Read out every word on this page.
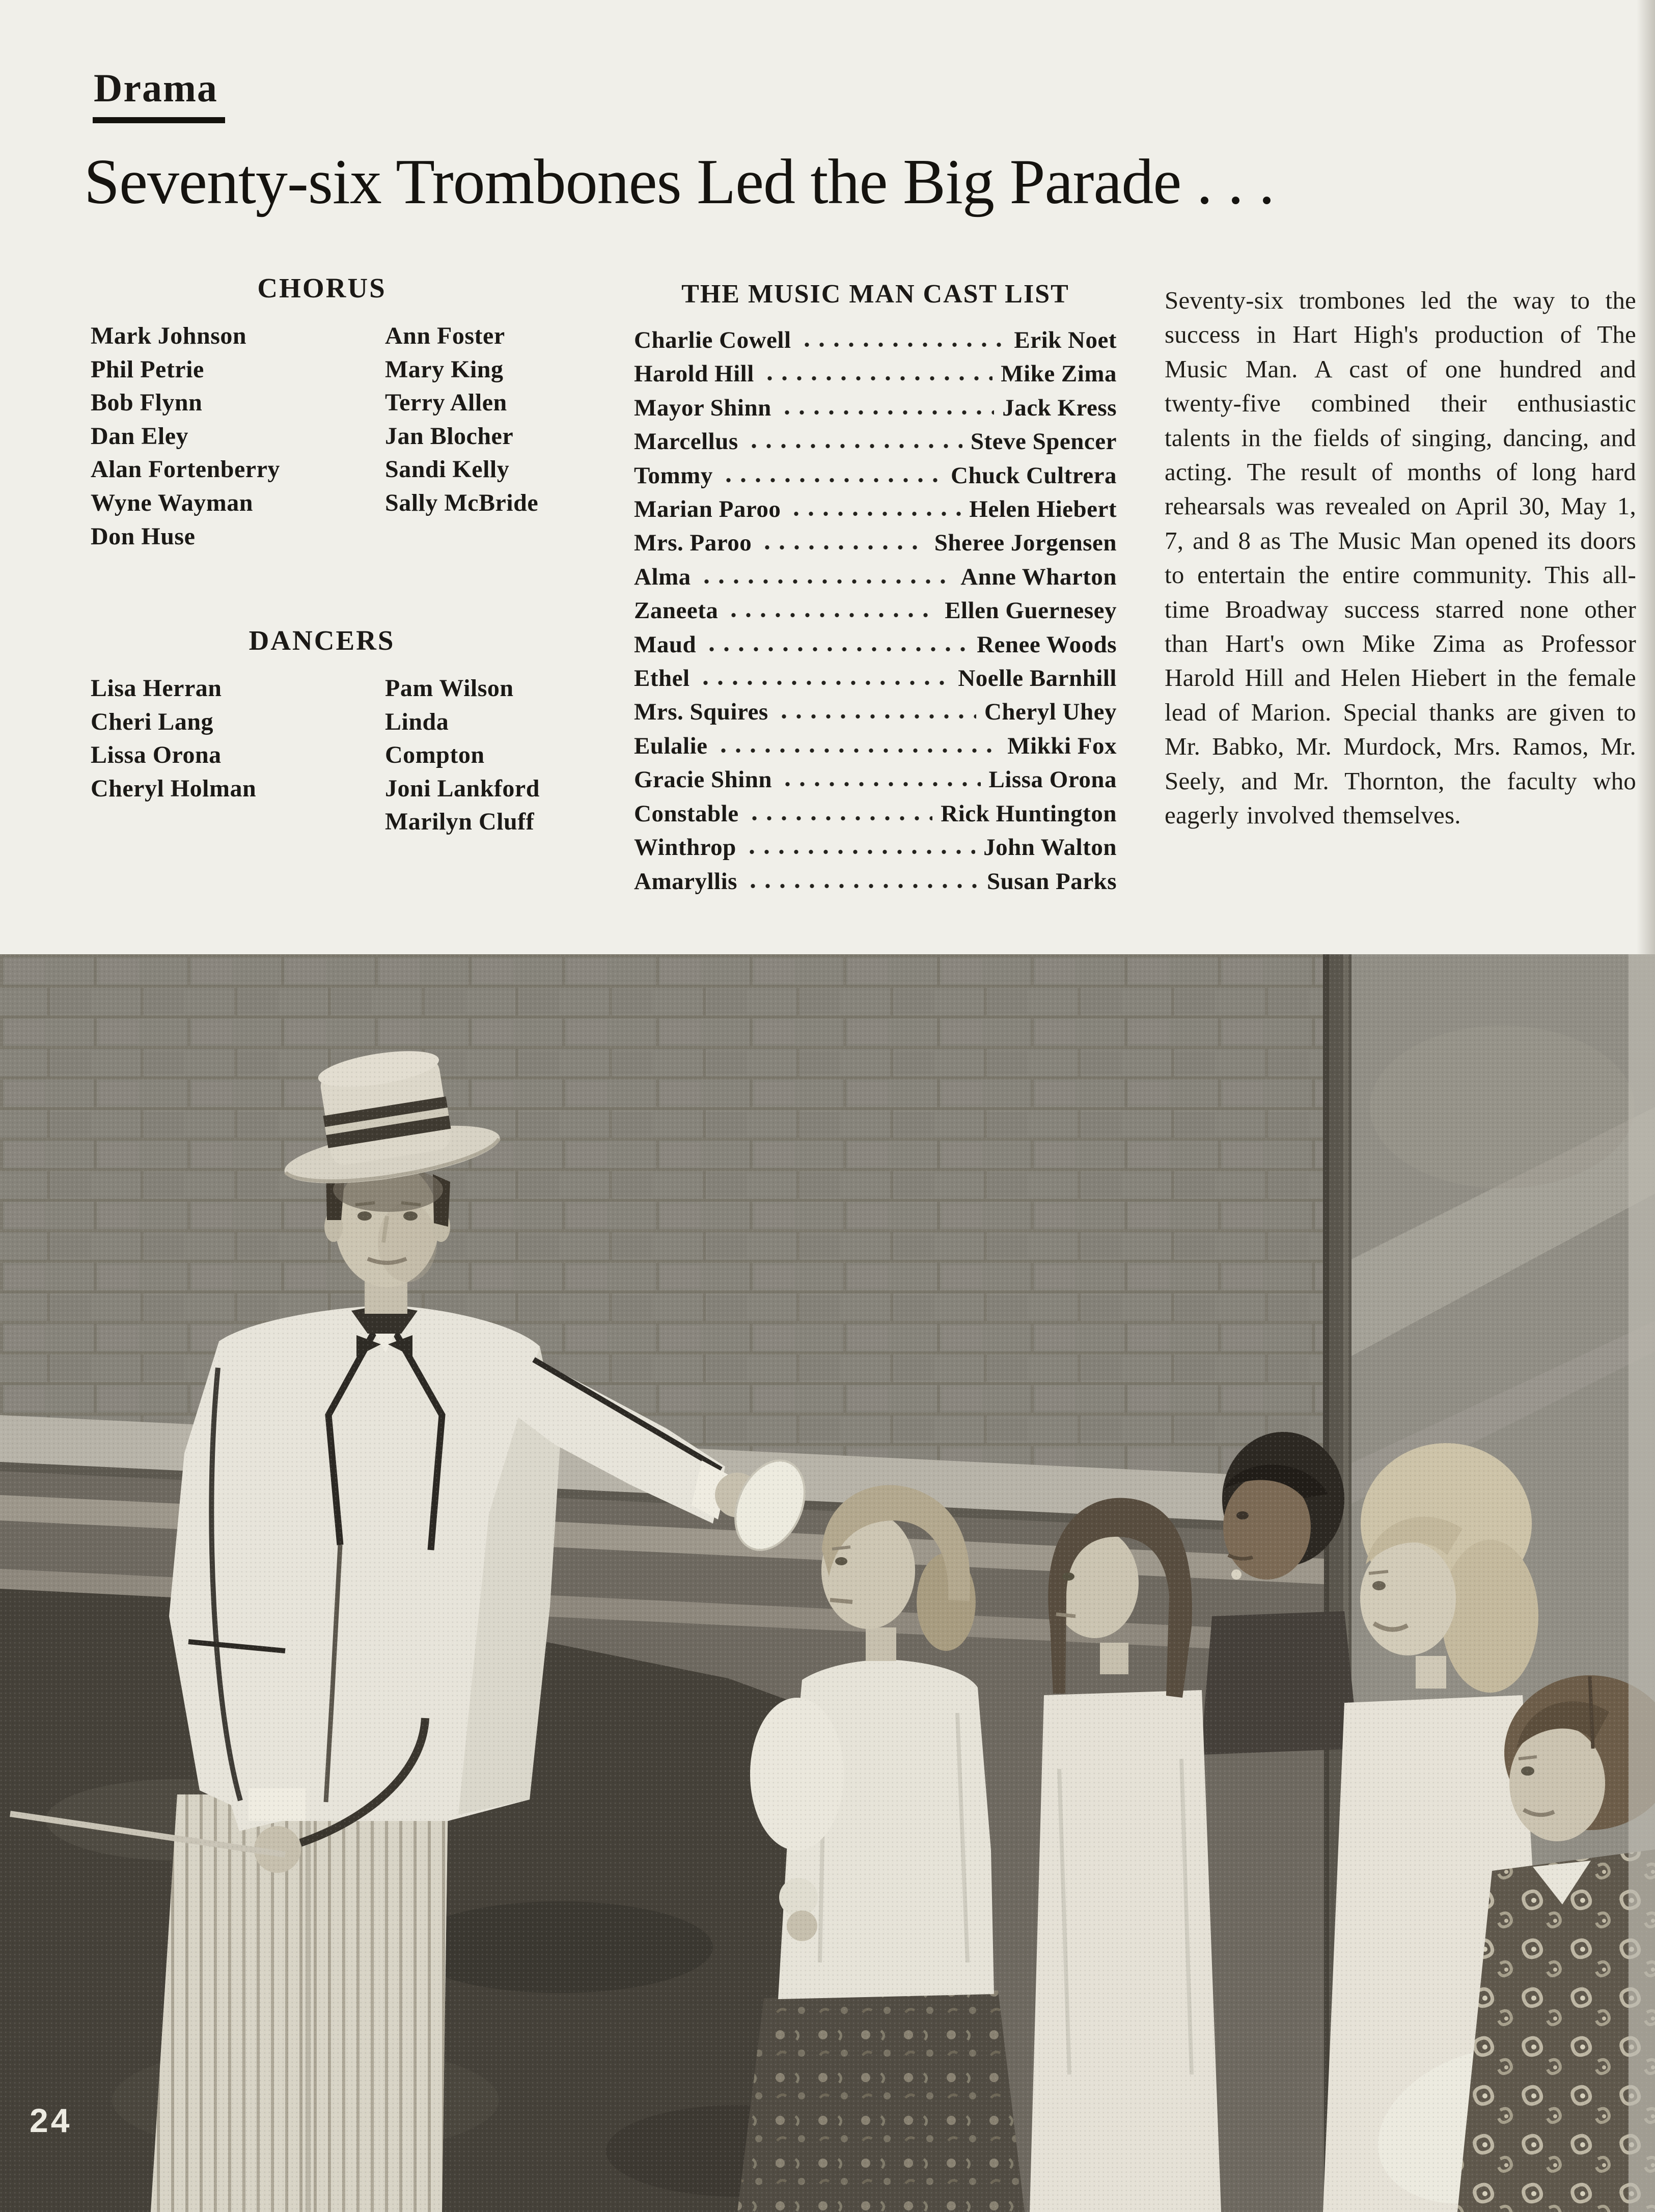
Drama
Seventy-six Trombones Led the Big Parade . . .
CHORUS
Mark Johnson
Phil Petrie
Bob Flynn
Dan Eley
Alan Fortenberry
Wyne Wayman
Don Huse
Ann Foster
Mary King
Terry Allen
Jan Blocher
Sandi Kelly
Sally McBride
DANCERS
Lisa Herran
Cheri Lang
Lissa Orona
Cheryl Holman
Pam Wilson
Linda Compton
Joni Lankford
Marilyn Cluff
THE MUSIC MAN CAST LIST
Charlie Cowell	Erik Noet
Harold Hill	Mike Zima
Mayor Shinn	Jack Kress
Marcellus	Steve Spencer
Tommy	Chuck Cultrera
Marian Paroo	Helen Hiebert
Mrs. Paroo	Sheree Jorgensen
Alma	Anne Wharton
Zaneeta	Ellen Guernesey
Maud	Renee Woods
Ethel	Noelle Barnhill
Mrs. Squires	Cheryl Uhey
Eulalie	Mikki Fox
Gracie Shinn	Lissa Orona
Constable	Rick Huntington
Winthrop	John Walton
Amaryllis	Susan Parks
Seventy-six trombones led the way to the success in Hart High's production of The Music Man. A cast of one hundred and twenty-five combined their enthusiastic talents in the fields of singing, dancing, and acting. The result of months of long hard rehearsals was revealed on April 30, May 1, 7, and 8 as The Music Man opened its doors to entertain the entire community. This all-time Broadway success starred none other than Hart's own Mike Zima as Professor Harold Hill and Helen Hiebert in the female lead of Marion. Special thanks are given to Mr. Babko, Mr. Murdock, Mrs. Ramos, Mr. Seely, and Mr. Thornton, the faculty who eagerly involved themselves.
24
